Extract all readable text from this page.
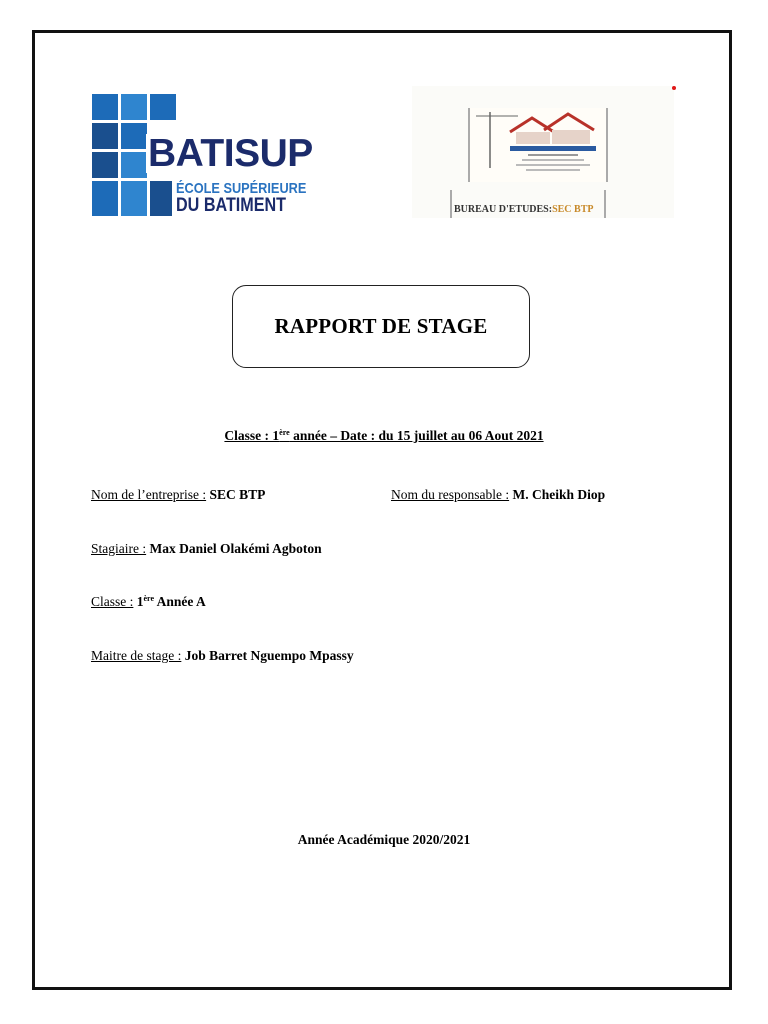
BATISUP
ÉCOLE SUPÉRIEURE
DU BATIMENT	BUREAU D'ETUDES:SEC BTP
RAPPORT DE STAGE
Classe : 1ère année – Date : du 15 juillet au 06 Aout 2021
Nom de l’entreprise : SEC BTP	Nom du responsable : M. Cheikh Diop
Stagiaire : Max Daniel Olakémi Agboton
Classe : 1ère Année A
Maitre de stage : Job Barret Nguempo Mpassy
Année Académique 2020/2021
